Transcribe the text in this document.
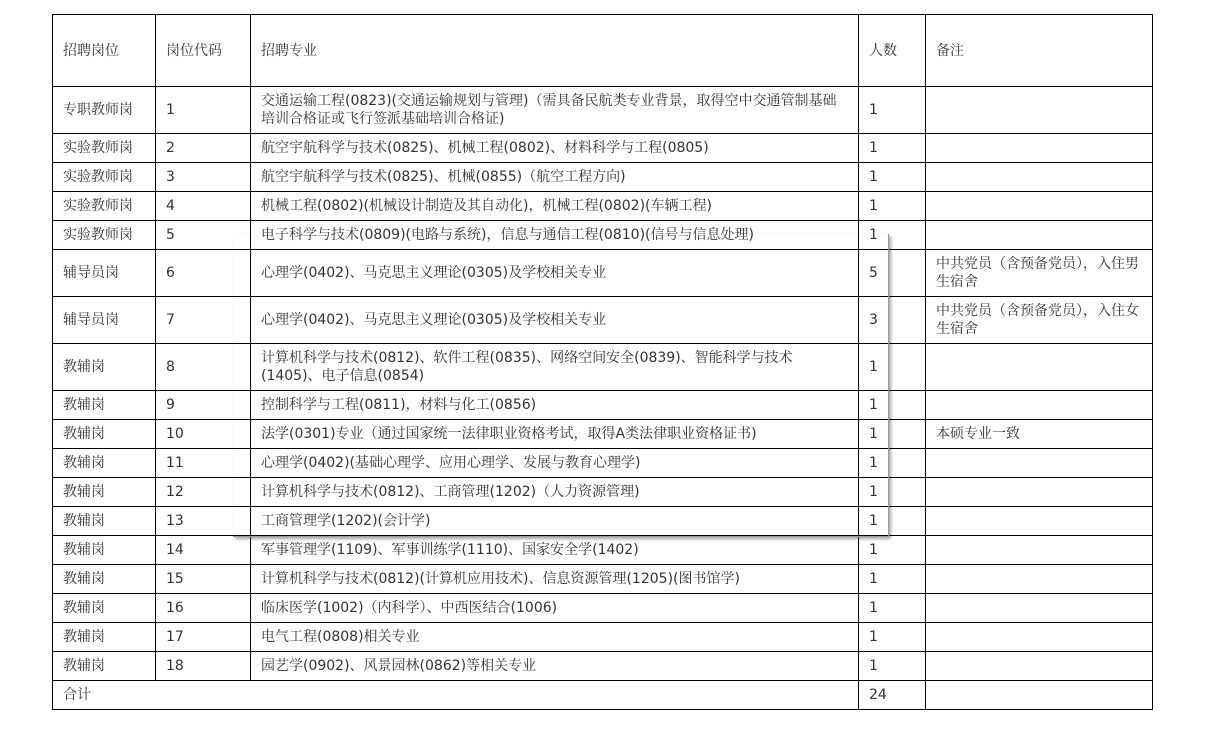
招聘岗位	岗位代码	招聘专业	人数	备注
专职教师岗	1	交通运输工程(0823)(交通运输规划与管理)（需具备民航类专业背景，取得空中交通管制基础培训合格证或飞行签派基础培训合格证)	1	
实验教师岗	2	航空宇航科学与技术(0825)、机械工程(0802)、材料科学与工程(0805)	1	
实验教师岗	3	航空宇航科学与技术(0825)、机械(0855)（航空工程方向)	1	
实验教师岗	4	机械工程(0802)(机械设计制造及其自动化)，机械工程(0802)(车辆工程)	1	
实验教师岗	5	电子科学与技术(0809)(电路与系统)，信息与通信工程(0810)(信号与信息处理)	1	
辅导员岗	6	心理学(0402)、马克思主义理论(0305)及学校相关专业	5	中共党员（含预备党员），入住男生宿舍
辅导员岗	7	心理学(0402)、马克思主义理论(0305)及学校相关专业	3	中共党员（含预备党员），入住女生宿舍
教辅岗	8	计算机科学与技术(0812)、软件工程(0835)、网络空间安全(0839)、智能科学与技术(1405)、电子信息(0854)	1	
教辅岗	9	控制科学与工程(0811)，材料与化工(0856)	1	
教辅岗	10	法学(0301)专业（通过国家统一法律职业资格考试，取得A类法律职业资格证书)	1	本硕专业一致
教辅岗	11	心理学(0402)(基础心理学、应用心理学、发展与教育心理学)	1	
教辅岗	12	计算机科学与技术(0812)、工商管理(1202)（人力资源管理)	1	
教辅岗	13	工商管理学(1202)(会计学)	1	
教辅岗	14	军事管理学(1109)、军事训练学(1110)、国家安全学(1402)	1	
教辅岗	15	计算机科学与技术(0812)(计算机应用技术)、信息资源管理(1205)(图书馆学)	1	
教辅岗	16	临床医学(1002)（内科学）、中西医结合(1006)	1	
教辅岗	17	电气工程(0808)相关专业	1	
教辅岗	18	园艺学(0902)、风景园林(0862)等相关专业	1	
合计			24	
